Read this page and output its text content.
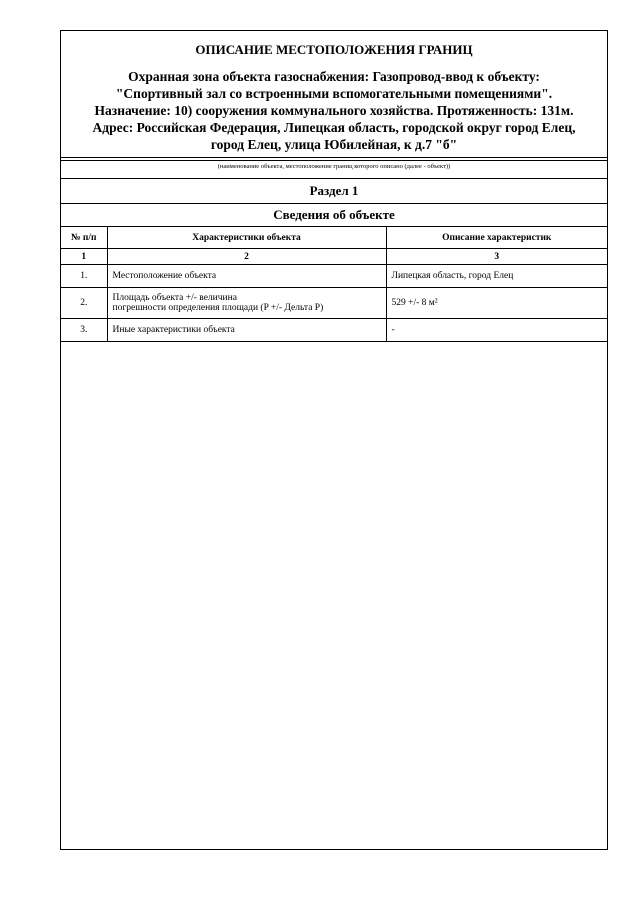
ОПИСАНИЕ МЕСТОПОЛОЖЕНИЯ ГРАНИЦ
Охранная зона объекта газоснабжения: Газопровод-ввод к объекту:
"Спортивный зал со встроенными вспомогательными помещениями".
Назначение: 10) сооружения коммунального хозяйства. Протяженность: 131м.
Адрес: Российская Федерация, Липецкая область, городской округ город Елец,
город Елец, улица Юбилейная, к д.7 "б"
(наименование объекта, местоположение границ которого описано (далее - объект))
Раздел 1
Сведения об объекте
№ п/п	Характеристики объекта	Описание характеристик
1	2	3
1.	Местоположение объекта	Липецкая область, город Елец
2.	Площадь объекта +/- величина
погрешности определения площади (P +/- Дельта P)	529 +/- 8 м²
3.	Иные характеристики объекта	-
